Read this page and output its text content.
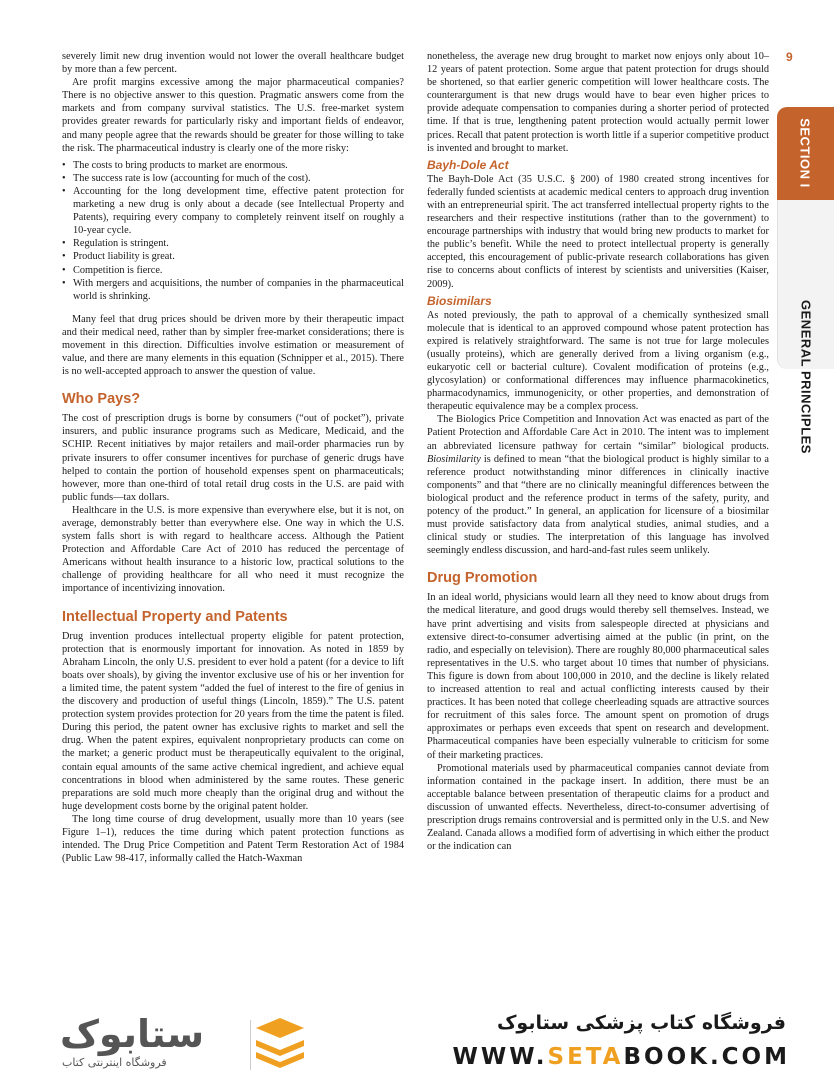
9
SECTION I
GENERAL PRINCIPLES

severely limit new drug invention would not lower the overall healthcare budget by more than a few percent.

Are profit margins excessive among the major pharmaceutical companies? There is no objective answer to this question. Pragmatic answers come from the markets and from company survival statistics. The U.S. free-market system provides greater rewards for particularly risky and important fields of endeavor, and many people agree that the rewards should be greater for those willing to take the risk. The pharmaceutical industry is clearly one of the more risky:

• The costs to bring products to market are enormous.
• The success rate is low (accounting for much of the cost).
• Accounting for the long development time, effective patent protection for marketing a new drug is only about a decade (see Intellectual Property and Patents), requiring every company to completely reinvent itself on roughly a 10-year cycle.
• Regulation is stringent.
• Product liability is great.
• Competition is fierce.
• With mergers and acquisitions, the number of companies in the pharmaceutical world is shrinking.

Many feel that drug prices should be driven more by their therapeutic impact and their medical need, rather than by simpler free-market considerations; there is movement in this direction. Difficulties involve estimation or measurement of value, and there are many elements in this equation (Schnipper et al., 2015). There is no well-accepted approach to answer the question of value.

Who Pays?

The cost of prescription drugs is borne by consumers (“out of pocket”), private insurers, and public insurance programs such as Medicare, Medicaid, and the SCHIP. Recent initiatives by major retailers and mail-order pharmacies run by private insurers to offer consumer incentives for purchase of generic drugs have helped to contain the portion of household expenses spent on pharmaceuticals; however, more than one-third of total retail drug costs in the U.S. are paid with public funds—tax dollars.

Healthcare in the U.S. is more expensive than everywhere else, but it is not, on average, demonstrably better than everywhere else. One way in which the U.S. system falls short is with regard to healthcare access. Although the Patient Protection and Affordable Care Act of 2010 has reduced the percentage of Americans without health insurance to a historic low, practical solutions to the challenge of providing healthcare for all who need it must recognize the importance of incentivizing innovation.

Intellectual Property and Patents

Drug invention produces intellectual property eligible for patent protection, protection that is enormously important for innovation. As noted in 1859 by Abraham Lincoln, the only U.S. president to ever hold a patent (for a device to lift boats over shoals), by giving the inventor exclusive use of his or her invention for a limited time, the patent system “added the fuel of interest to the fire of genius in the discovery and production of useful things (Lincoln, 1859).” The U.S. patent protection system provides protection for 20 years from the time the patent is filed. During this period, the patent owner has exclusive rights to market and sell the drug. When the patent expires, equivalent nonproprietary products can come on the market; a generic product must be therapeutically equivalent to the original, contain equal amounts of the same active chemical ingredient, and achieve equal concentrations in blood when administered by the same routes. These generic preparations are sold much more cheaply than the original drug and without the huge development costs borne by the original patent holder.

The long time course of drug development, usually more than 10 years (see Figure 1–1), reduces the time during which patent protection functions as intended. The Drug Price Competition and Patent Term Restoration Act of 1984 (Public Law 98-417, informally called the Hatch-Waxman

nonetheless, the average new drug brought to market now enjoys only about 10–12 years of patent protection. Some argue that patent protection for drugs should be shortened, so that earlier generic competition will lower healthcare costs. The counterargument is that new drugs would have to bear even higher prices to provide adequate compensation to companies during a shorter period of protected time. If that is true, lengthening patent protection would actually permit lower prices. Recall that patent protection is worth little if a superior competitive product is invented and brought to market.

Bayh-Dole Act

The Bayh-Dole Act (35 U.S.C. § 200) of 1980 created strong incentives for federally funded scientists at academic medical centers to approach drug invention with an entrepreneurial spirit. The act transferred intellectual property rights to the researchers and their respective institutions (rather than to the government) to encourage partnerships with industry that would bring new products to market for the public’s benefit. While the need to protect intellectual property is generally accepted, this encouragement of public-private research collaborations has given rise to concerns about conflicts of interest by scientists and universities (Kaiser, 2009).

Biosimilars

As noted previously, the path to approval of a chemically synthesized small molecule that is identical to an approved compound whose patent protection has expired is relatively straightforward. The same is not true for large molecules (usually proteins), which are generally derived from a living organism (e.g., eukaryotic cell or bacterial culture). Covalent modification of proteins (e.g., glycosylation) or conformational differences may influence pharmacokinetics, pharmacodynamics, immunogenicity, or other properties, and demonstration of therapeutic equivalence may be a complex process.

The Biologics Price Competition and Innovation Act was enacted as part of the Patient Protection and Affordable Care Act in 2010. The intent was to implement an abbreviated licensure pathway for certain “similar” biological products. Biosimilarity is defined to mean “that the biological product is highly similar to a reference product notwithstanding minor differences in clinically inactive components” and that “there are no clinically meaningful differences between the biological product and the reference product in terms of the safety, purity, and potency of the product.” In general, an application for licensure of a biosimilar must provide satisfactory data from analytical studies, animal studies, and a clinical study or studies. The interpretation of this language has involved seemingly endless discussion, and hard-and-fast rules seem unlikely.

Drug Promotion

In an ideal world, physicians would learn all they need to know about drugs from the medical literature, and good drugs would thereby sell themselves. Instead, we have print advertising and visits from salespeople directed at physicians and extensive direct-to-consumer advertising aimed at the public (in print, on the radio, and especially on television). There are roughly 80,000 pharmaceutical sales representatives in the U.S. who target about 10 times that number of physicians. This figure is down from about 100,000 in 2010, and the decline is likely related to increased attention to real and actual conflicting interests caused by their practices. It has been noted that college cheerleading squads are attractive sources for recruitment of this sales force. The amount spent on promotion of drugs approximates or perhaps even exceeds that spent on research and development. Pharmaceutical companies have been especially vulnerable to criticism for some of their marketing practices.

Promotional materials used by pharmaceutical companies cannot deviate from information contained in the package insert. In addition, there must be an acceptable balance between presentation of therapeutic claims for a product and discussion of unwanted effects. Nevertheless, direct-to-consumer advertising of prescription drugs remains controversial and is permitted only in the U.S. and New Zealand. Canada allows a modified form of advertising in which either the product or the indication can

ستابوک
فروشگاه اینترنتی کتاب
فروشگاه کتاب پزشکی ستابوک
WWW.SETABOOK.COM
